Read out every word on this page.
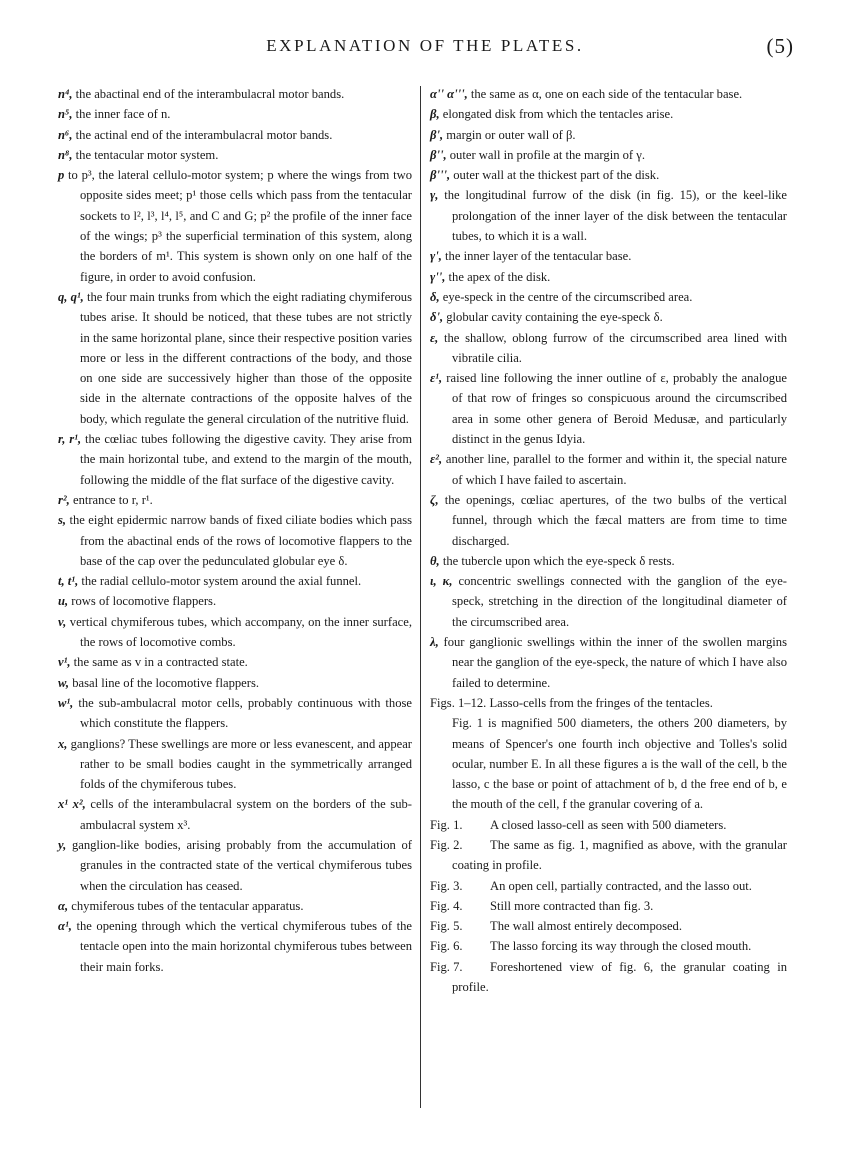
EXPLANATION OF THE PLATES.	(5)

n⁴, the abactinal end of the interambulacral motor bands.

n⁵, the inner face of n.

n⁶, the actinal end of the interambulacral motor bands.

n⁸, the tentacular motor system.

p to p³, the lateral cellulo-motor system; p where the wings from two opposite sides meet; p¹ those cells which pass from the tentacular sockets to l², l³, l⁴, l⁵, and C and G; p² the profile of the inner face of the wings; p³ the superficial termination of this system, along the borders of m¹. This system is shown only on one half of the figure, in order to avoid confusion.

q, q¹, the four main trunks from which the eight radiating chymiferous tubes arise. It should be noticed, that these tubes are not strictly in the same horizontal plane, since their respective position varies more or less in the different contractions of the body, and those on one side are successively higher than those of the opposite side in the alternate contractions of the opposite halves of the body, which regulate the general circulation of the nutritive fluid.

r, r¹, the cœliac tubes following the digestive cavity. They arise from the main horizontal tube, and extend to the margin of the mouth, following the middle of the flat surface of the digestive cavity.

r², entrance to r, r¹.

s, the eight epidermic narrow bands of fixed ciliate bodies which pass from the abactinal ends of the rows of locomotive flappers to the base of the cap over the pedunculated globular eye δ.

t, t¹, the radial cellulo-motor system around the axial funnel.

u, rows of locomotive flappers.

v, vertical chymiferous tubes, which accompany, on the inner surface, the rows of locomotive combs.

v¹, the same as v in a contracted state.

w, basal line of the locomotive flappers.

w¹, the sub-ambulacral motor cells, probably continuous with those which constitute the flappers.

x, ganglions? These swellings are more or less evanescent, and appear rather to be small bodies caught in the symmetrically arranged folds of the chymiferous tubes.

x¹ x², cells of the interambulacral system on the borders of the sub-ambulacral system x³.

y, ganglion-like bodies, arising probably from the accumulation of granules in the contracted state of the vertical chymiferous tubes when the circulation has ceased.

α, chymiferous tubes of the tentacular apparatus.

α¹, the opening through which the vertical chymiferous tubes of the tentacle open into the main horizontal chymiferous tubes between their main forks.

α'' α''', the same as α, one on each side of the tentacular base.

β, elongated disk from which the tentacles arise.

β', margin or outer wall of β.

β'', outer wall in profile at the margin of γ.

β''', outer wall at the thickest part of the disk.

γ, the longitudinal furrow of the disk (in fig. 15), or the keel-like prolongation of the inner layer of the disk between the tentacular tubes, to which it is a wall.

γ', the inner layer of the tentacular base.

γ'', the apex of the disk.

δ, eye-speck in the centre of the circumscribed area.

δ', globular cavity containing the eye-speck δ.

ε, the shallow, oblong furrow of the circumscribed area lined with vibratile cilia.

ε¹, raised line following the inner outline of ε, probably the analogue of that row of fringes so conspicuous around the circumscribed area in some other genera of Beroid Medusæ, and particularly distinct in the genus Idyia.

ε², another line, parallel to the former and within it, the special nature of which I have failed to ascertain.

ζ, the openings, cœliac apertures, of the two bulbs of the vertical funnel, through which the fæcal matters are from time to time discharged.

θ, the tubercle upon which the eye-speck δ rests.

ι, κ, concentric swellings connected with the ganglion of the eye-speck, stretching in the direction of the longitudinal diameter of the circumscribed area.

λ, four ganglionic swellings within the inner of the swollen margins near the ganglion of the eye-speck, the nature of which I have also failed to determine.

Figs. 1–12. Lasso-cells from the fringes of the tentacles.

Fig. 1 is magnified 500 diameters, the others 200 diameters, by means of Spencer's one fourth inch objective and Tolles's solid ocular, number E. In all these figures a is the wall of the cell, b the lasso, c the base or point of attachment of b, d the free end of b, e the mouth of the cell, f the granular covering of a.

Fig. 1. A closed lasso-cell as seen with 500 diameters.

Fig. 2. The same as fig. 1, magnified as above, with the granular coating in profile.

Fig. 3. An open cell, partially contracted, and the lasso out.

Fig. 4. Still more contracted than fig. 3.

Fig. 5. The wall almost entirely decomposed.

Fig. 6. The lasso forcing its way through the closed mouth.

Fig. 7. Foreshortened view of fig. 6, the granular coating in profile.
